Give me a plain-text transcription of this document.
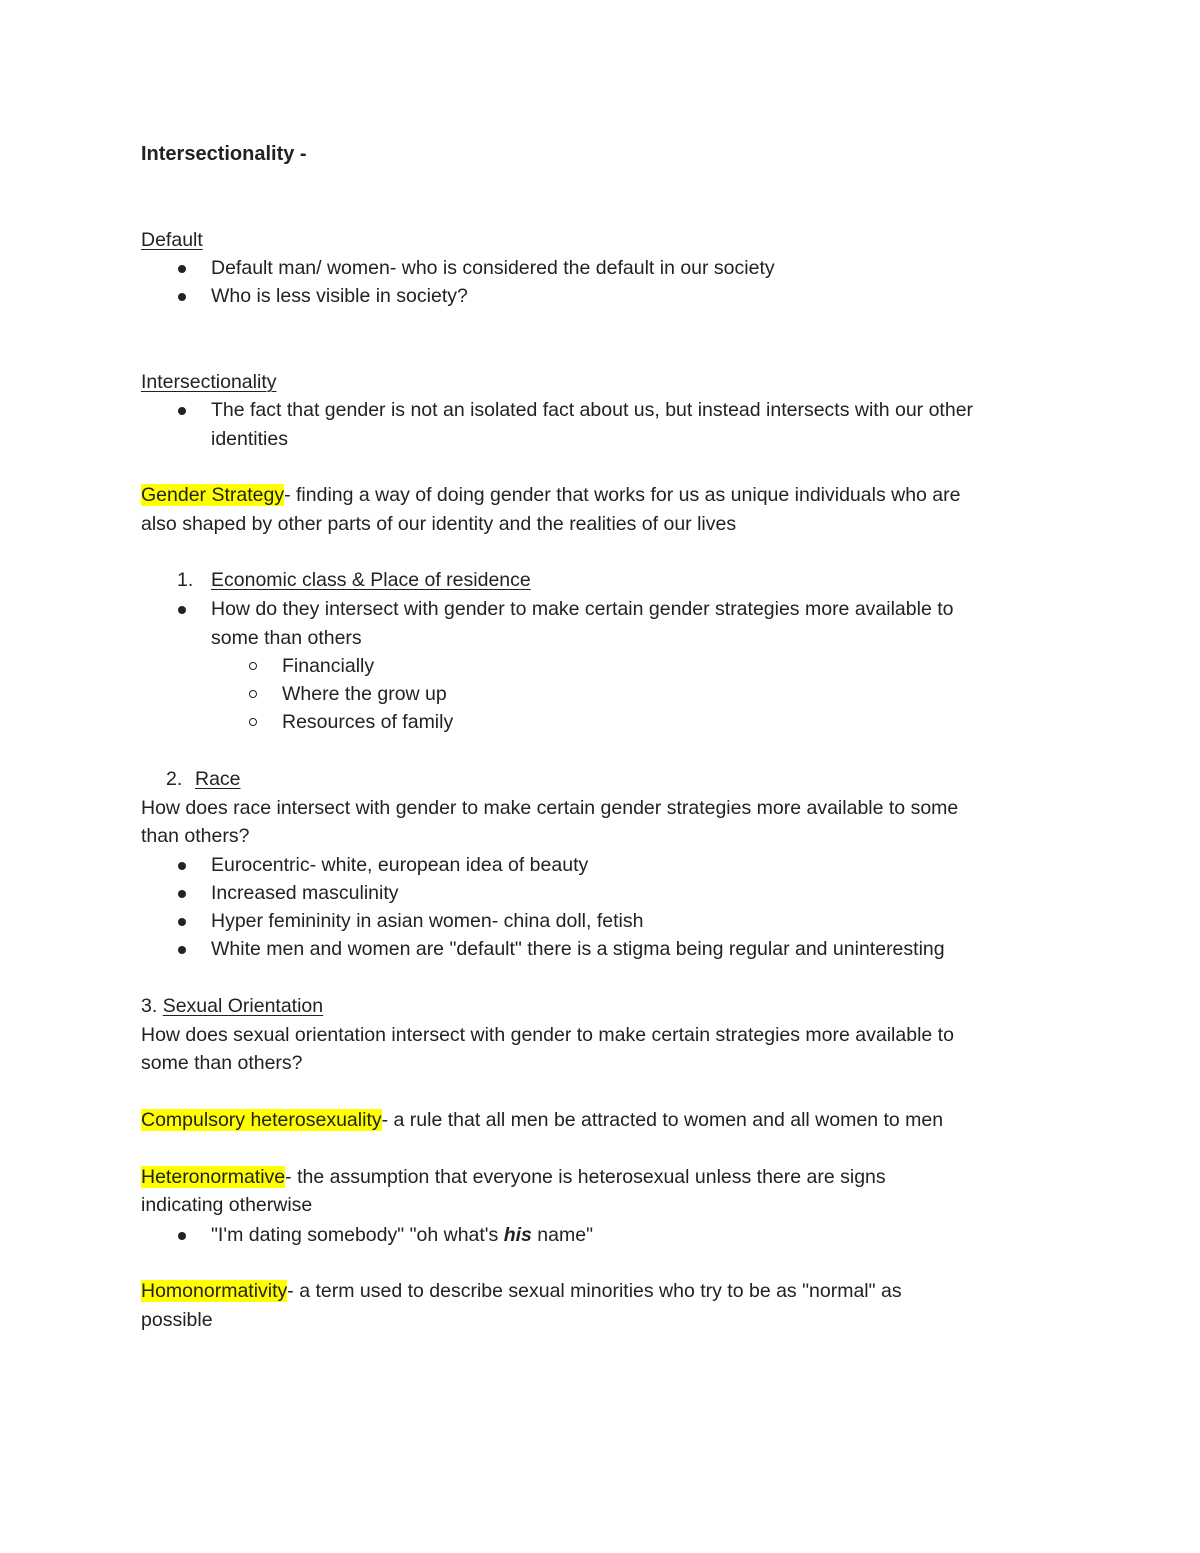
Intersectionality -
Default
Default man/ women- who is considered the default in our society
Who is less visible in society?
Intersectionality
The fact that gender is not an isolated fact about us, but instead intersects with our other
identities
Gender Strategy- finding a way of doing gender that works for us as unique individuals who are
also shaped by other parts of our identity and the realities of our lives
1. Economic class & Place of residence
How do they intersect with gender to make certain gender strategies more available to
some than others
Financially
Where the grow up
Resources of family
2. Race
How does race intersect with gender to make certain gender strategies more available to some
than others?
Eurocentric- white, european idea of beauty
Increased masculinity
Hyper femininity in asian women- china doll, fetish
White men and women are "default" there is a stigma being regular and uninteresting
3. Sexual Orientation
How does sexual orientation intersect with gender to make certain strategies more available to
some than others?
Compulsory heterosexuality- a rule that all men be attracted to women and all women to men
Heteronormative- the assumption that everyone is heterosexual unless there are signs
indicating otherwise
"I'm dating somebody" "oh what's his name"
Homonormativity- a term used to describe sexual minorities who try to be as "normal" as
possible
